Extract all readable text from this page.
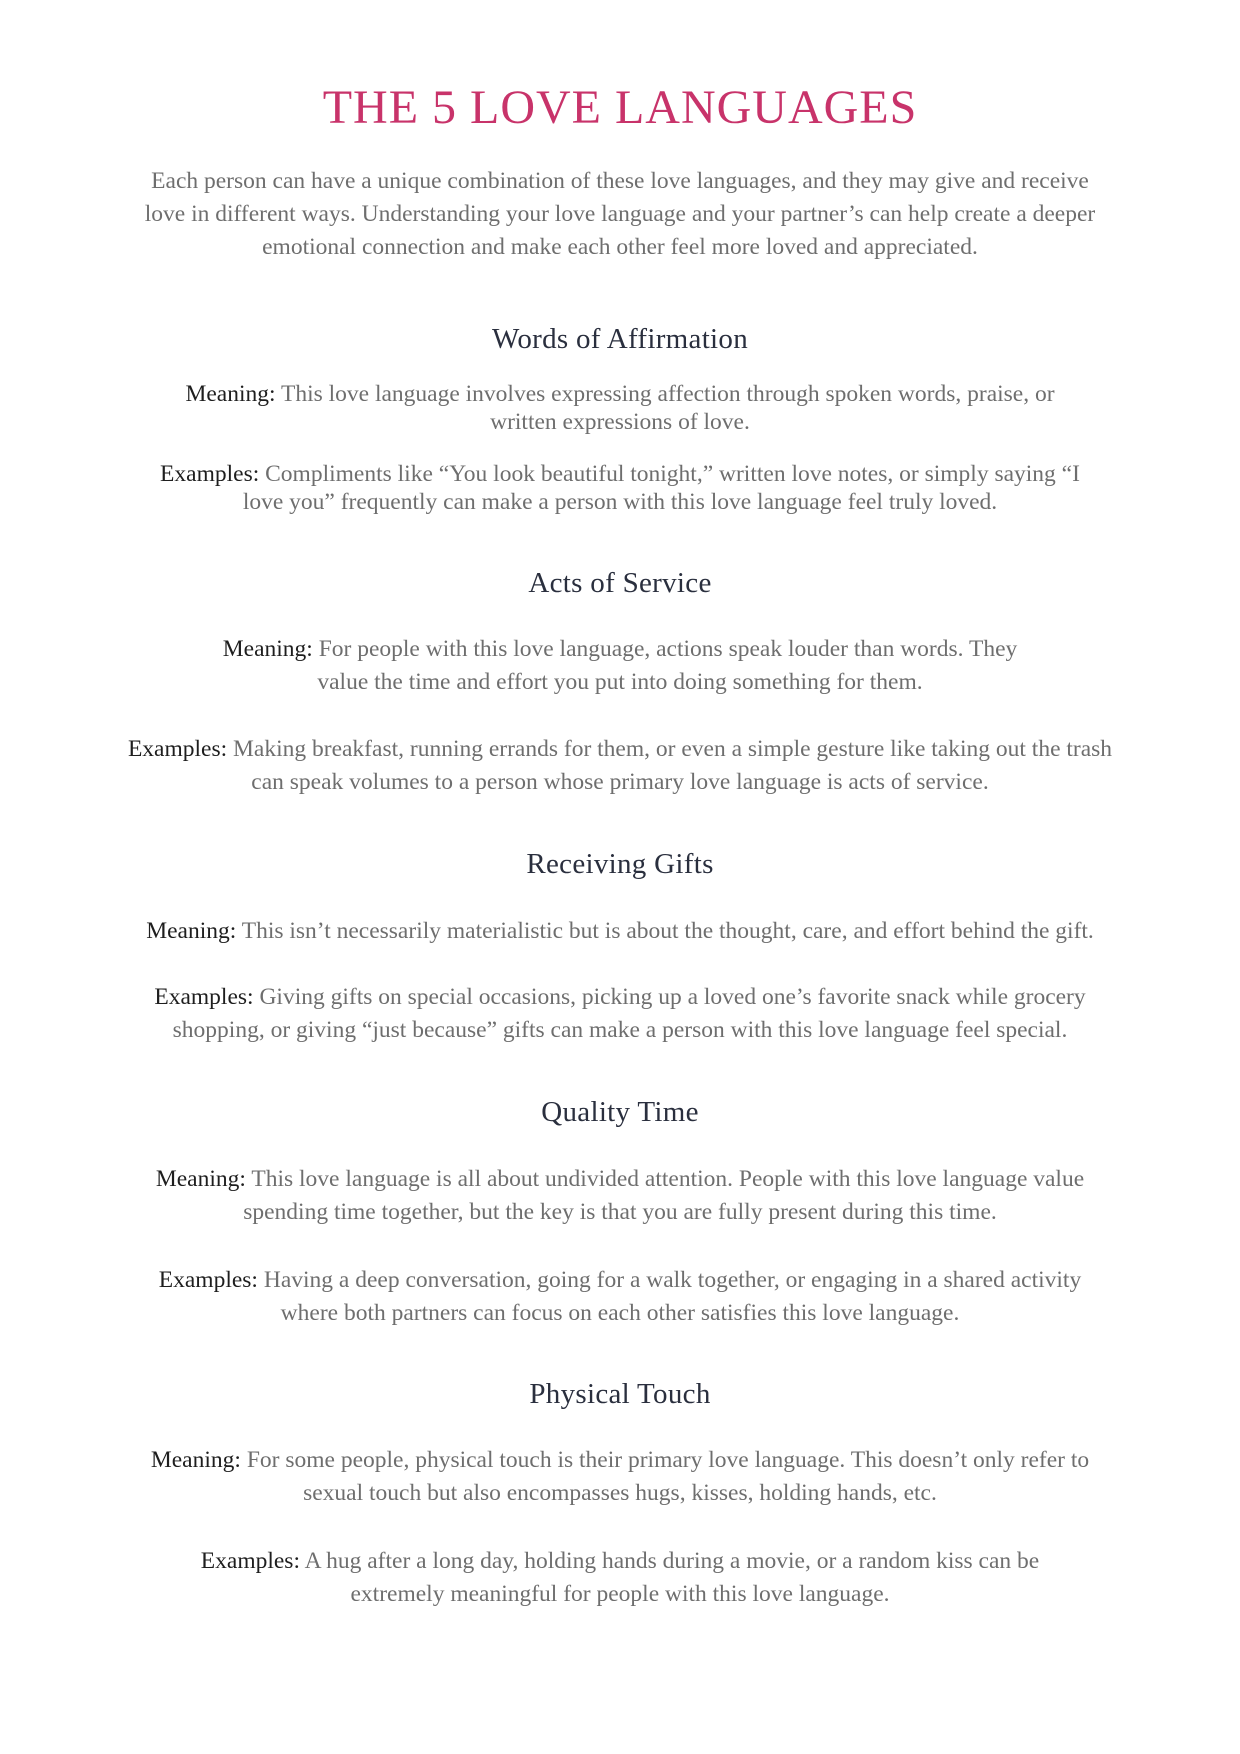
THE 5 LOVE LANGUAGES

Each person can have a unique combination of these love languages, and they may give and receive love in different ways. Understanding your love language and your partner’s can help create a deeper emotional connection and make each other feel more loved and appreciated.

Words of Affirmation

Meaning: This love language involves expressing affection through spoken words, praise, or written expressions of love.

Examples: Compliments like “You look beautiful tonight,” written love notes, or simply saying “I love you” frequently can make a person with this love language feel truly loved.

Acts of Service

Meaning: For people with this love language, actions speak louder than words. They value the time and effort you put into doing something for them.

Examples: Making breakfast, running errands for them, or even a simple gesture like taking out the trash can speak volumes to a person whose primary love language is acts of service.

Receiving Gifts

Meaning: This isn’t necessarily materialistic but is about the thought, care, and effort behind the gift.

Examples: Giving gifts on special occasions, picking up a loved one’s favorite snack while grocery shopping, or giving “just because” gifts can make a person with this love language feel special.

Quality Time

Meaning: This love language is all about undivided attention. People with this love language value spending time together, but the key is that you are fully present during this time.

Examples: Having a deep conversation, going for a walk together, or engaging in a shared activity where both partners can focus on each other satisfies this love language.

Physical Touch

Meaning: For some people, physical touch is their primary love language. This doesn’t only refer to sexual touch but also encompasses hugs, kisses, holding hands, etc.

Examples: A hug after a long day, holding hands during a movie, or a random kiss can be extremely meaningful for people with this love language.
